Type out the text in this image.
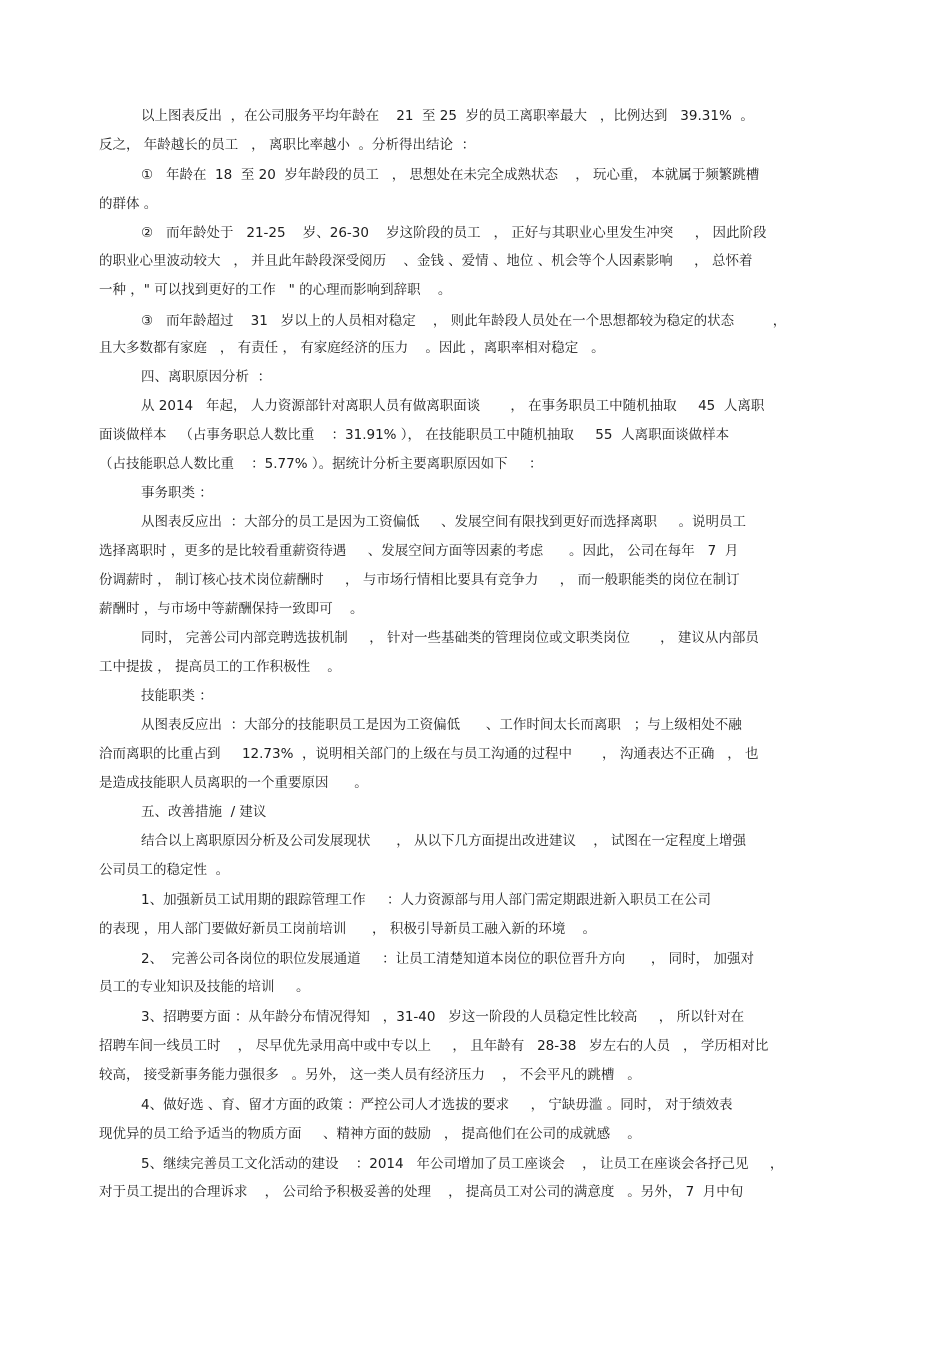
以上图表反出  ，在公司服务平均年龄在    21  至 25  岁的员工离职率最大   ，比例达到   39.31%  。
反之， 年龄越长的员工   ， 离职比率越小  。分析得出结论  ：
①   年龄在  18  至 20  岁年龄段的员工   ， 思想处在未完全成熟状态    ， 玩心重， 本就属于频繁跳槽
的群体 。
②   而年龄处于   21-25    岁、26-30    岁这阶段的员工   ， 正好与其职业心里发生冲突     ， 因此阶段
的职业心里波动较大   ， 并且此年龄段深受阅历    、金钱 、爱情 、地位 、机会等个人因素影响     ， 总怀着
一种 ，" 可以找到更好的工作   " 的心理而影响到辞职    。
③   而年龄超过    31   岁以上的人员相对稳定    ， 则此年龄段人员处在一个思想都较为稳定的状态         ，
且大多数都有家庭   ， 有责任 ， 有家庭经济的压力    。因此 ，离职率相对稳定   。
四、离职原因分析  ：
从 2014   年起， 人力资源部针对离职人员有做离职面谈       ， 在事务职员工中随机抽取     45  人离职
面谈做样本   （占事务职总人数比重    ：31.91% ）， 在技能职员工中随机抽取     55  人离职面谈做样本
（占技能职总人数比重    ：5.77% ）。据统计分析主要离职原因如下     ：
事务职类 ：
从图表反应出  ：大部分的员工是因为工资偏低     、发展空间有限找到更好而选择离职     。说明员工
选择离职时 ，更多的是比较看重薪资待遇     、发展空间方面等因素的考虑      。因此， 公司在每年   7  月
份调薪时 ， 制订核心技术岗位薪酬时     ， 与市场行情相比要具有竞争力     ， 而一般职能类的岗位在制订
薪酬时 ，与市场中等薪酬保持一致即可    。
同时， 完善公司内部竞聘选拔机制     ， 针对一些基础类的管理岗位或文职类岗位       ， 建议从内部员
工中提拔 ， 提高员工的工作积极性    。
技能职类 ：
从图表反应出  ：大部分的技能职员工是因为工资偏低      、工作时间太长而离职   ；与上级相处不融
洽而离职的比重占到     12.73%  ，说明相关部门的上级在与员工沟通的过程中       ， 沟通表达不正确   ， 也
是造成技能职人员离职的一个重要原因      。
五、改善措施  / 建议
结合以上离职原因分析及公司发展现状      ， 从以下几方面提出改进建议    ， 试图在一定程度上增强
公司员工的稳定性  。
1、加强新员工试用期的跟踪管理工作     ：人力资源部与用人部门需定期跟进新入职员工在公司
的表现 ，用人部门要做好新员工岗前培训      ， 积极引导新员工融入新的环境    。
2、  完善公司各岗位的职位发展通道     ：让员工清楚知道本岗位的职位晋升方向      ， 同时， 加强对
员工的专业知识及技能的培训     。
3、招聘要方面 ：从年龄分布情况得知   ，31-40   岁这一阶段的人员稳定性比较高     ， 所以针对在
招聘车间一线员工时    ， 尽早优先录用高中或中专以上     ， 且年龄有   28-38   岁左右的人员   ， 学历相对比
较高， 接受新事务能力强很多   。另外， 这一类人员有经济压力    ， 不会平凡的跳槽   。
4、做好选 、育、留才方面的政策 ：严控公司人才选拔的要求     ， 宁缺毋滥 。同时， 对于绩效表
现优异的员工给予适当的物质方面     、精神方面的鼓励   ， 提高他们在公司的成就感    。
5、继续完善员工文化活动的建设    ：2014   年公司增加了员工座谈会    ， 让员工在座谈会各抒己见     ，
对于员工提出的合理诉求    ， 公司给予积极妥善的处理    ， 提高员工对公司的满意度   。另外， 7  月中旬
